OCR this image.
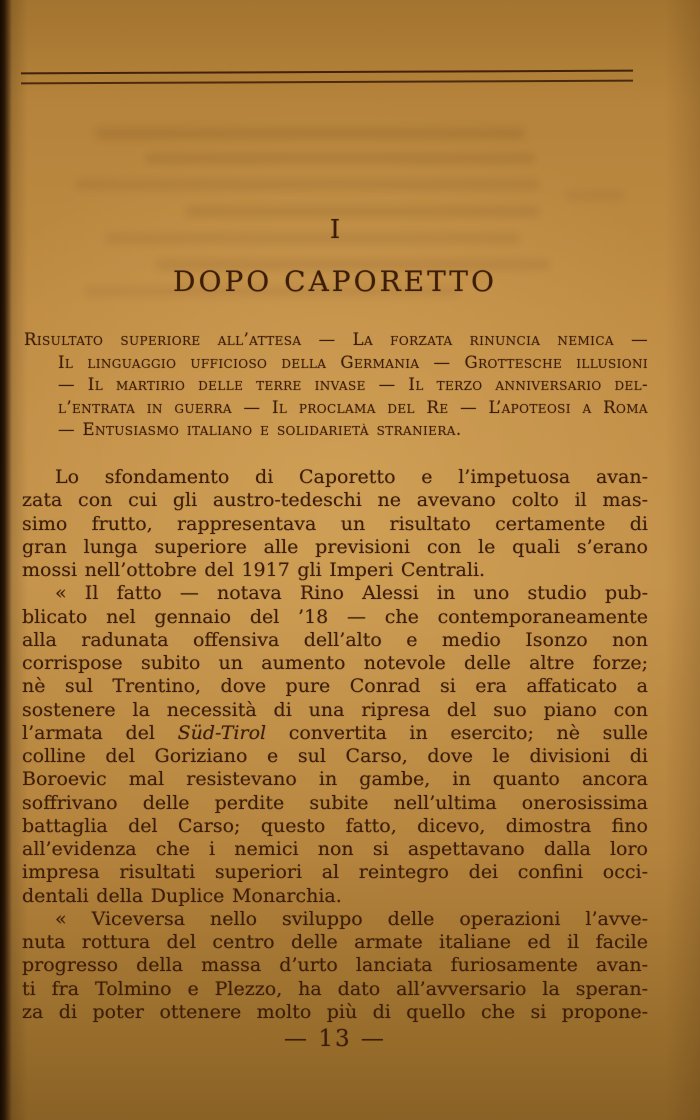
I
DOPO CAPORETTO
Risultato superiore all’attesa — La forzata rinuncia nemica —
Il linguaggio ufficioso della Germania — Grottesche illusioni
— Il martirio delle terre invase — Il terzo anniversario del-
l’entrata in guerra — Il proclama del Re — L’apoteosi a Roma
— Entusiasmo italiano e solidarietà straniera.
Lo sfondamento di Caporetto e l’impetuosa avan-
zata con cui gli austro-tedeschi ne avevano colto il mas-
simo frutto, rappresentava un risultato certamente di
gran lunga superiore alle previsioni con le quali s’erano
mossi nell’ottobre del 1917 gli Imperi Centrali.
« Il fatto — notava Rino Alessi in uno studio pub-
blicato nel gennaio del ’18 — che contemporaneamente
alla radunata offensiva dell’alto e medio Isonzo non
corrispose subito un aumento notevole delle altre forze;
nè sul Trentino, dove pure Conrad si era affaticato a
sostenere la necessità di una ripresa del suo piano con
l’armata del Süd-Tirol convertita in esercito; nè sulle
colline del Goriziano e sul Carso, dove le divisioni di
Boroevic mal resistevano in gambe, in quanto ancora
soffrivano delle perdite subite nell’ultima onerosissima
battaglia del Carso; questo fatto, dicevo, dimostra fino
all’evidenza che i nemici non si aspettavano dalla loro
impresa risultati superiori al reintegro dei confini occi-
dentali della Duplice Monarchia.
« Viceversa nello sviluppo delle operazioni l’avve-
nuta rottura del centro delle armate italiane ed il facile
progresso della massa d’urto lanciata furiosamente avan-
ti fra Tolmino e Plezzo, ha dato all’avversario la speran-
za di poter ottenere molto più di quello che si propone-
— 13 —
